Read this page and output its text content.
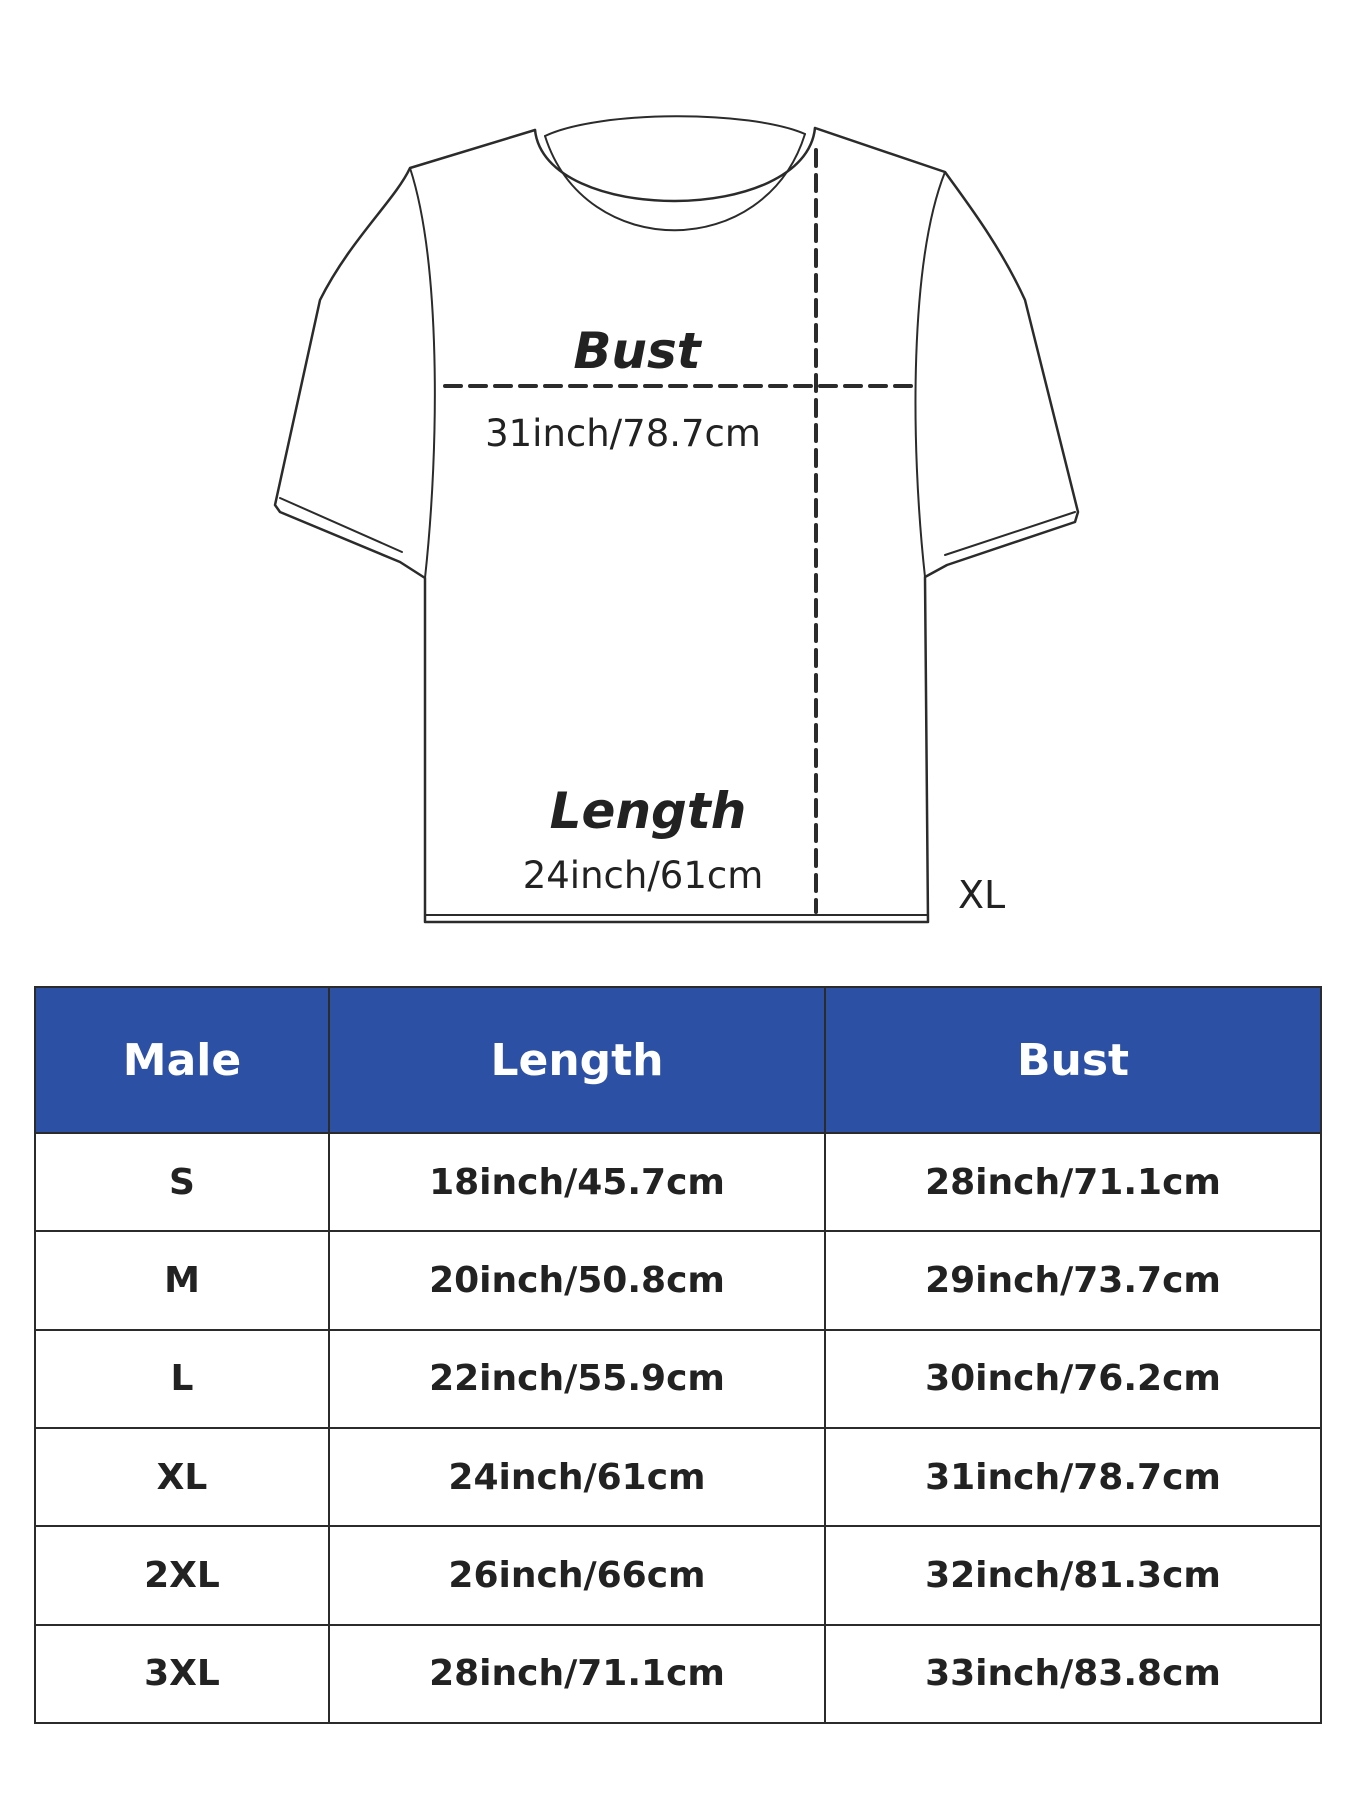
Bust
31inch/78.7cm
Length
24inch/61cm	XL
Male	Length	Bust
S	18inch/45.7cm	28inch/71.1cm
M	20inch/50.8cm	29inch/73.7cm
L	22inch/55.9cm	30inch/76.2cm
XL	24inch/61cm	31inch/78.7cm
2XL	26inch/66cm	32inch/81.3cm
3XL	28inch/71.1cm	33inch/83.8cm
